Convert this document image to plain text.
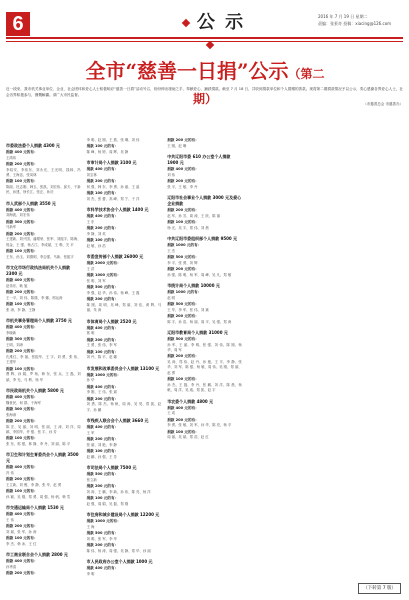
6	公 示	2016 年 7 月 19 日 星期二
责编：张景奇 投稿：xiacing@126.com
全市“慈善一日捐”公示（第二期）

近一段来，我市机关事业单位、企业、社会团体和爱心人士积极响应“慈善一日捐”活动号召，纷纷伸出援助之手，奉献爱心，踊跃捐款。截至 7 月 18 日，共收到捐款单位和个人捐赠的善款。现将第二期捐款情况予以公示，衷心感谢各界爱心人士，社会各界积极参与，慷慨解囊。请广大市民监督。

（市慈善总会 市慈善办）
市委政法委个人捐款 4300 元
捐款 400 元的有：

王鸿玮

捐款 200 元的有：

李绍安、李伟东、刘永光、王光明、钱林、冯 勇、王海忠、张凤林

捐款 100 元的有：

陈丽、杜志刚、韩玉、张凯、刘宏伟、邱天、于新民、孙建、徐长江、张正、孙庆

市人武部个人捐款 3550 元
捐款 400 元的有：

刘海波、刘宏伟

捐款 300 元的有：

马新军

捐款 200 元的有：

王建新、刘兴国、潘增荣、张军、刘振宇、陈海、郭金、王 强、杨占江、李成斌、王 利、关 平

捐款 100 元的有：

王东、孙玉、刘德明、李志强、马新、张振宇

市文化市场行政执法局机关个人捐款 2300 元
捐款 400 元的有：

赵伟东、耿 旭

捐款 200 元的有：

王一平、刘 伟、陈继、李 娜、邢运涛

捐款 100 元的有：

张 涛、李 静、王静

市机关事务管理局个人捐款 3750 元
捐款 400 元的有：

李晓新

捐款 300 元的有：

王明、刘涛

捐款 200 元的有：

孔维红、李 丽、张振华、王 宇、刘 勇、张 伟、王建华

捐款 100 元的有：

曹 辉、孙 娟、罗 杨、韩 东、张 兵、王 磊、刘 斌、李 光、马 利、杨 华

市民政局机关个人捐款 5800 元
捐款 400 元的有：

魏世民、何 群、于海军

捐款 300 元的有：

张海涛

捐款 200 元的有：

陈 宏、吴 丽、刘 明、张 丽、王 涛、刘 洋、周 颖、李国华、许 强、张 宇、孙 芳

捐款 100 元的有：

张 东、郭 强、林 静、李 丹、刘 丽、陈 平

市卫生和计划生育委员会个人捐款 3500 元
捐款 400 元的有：

冯 伟

捐款 200 元的有：

王立新、刘 俊、李 静、张 华、赵 勇

捐款 100 元的有：

孙 颖、吴 刚、郑 勇、周 强、杨 帆、韩 雪

市交通运输局个人捐款 1530 元
捐款 400 元的有：

王 伟

捐款 200 元的有：

刘 斌、张 军、孙 涛

捐款 100 元的有：

李 杰、韩 冰、王 红

市工商业联合会个人捐款 2800 元
捐款 400 元的有：

孙秀清

捐款 200 元的有：

李 明、赵 刚、王 燕、张 琳、刘 伟

捐款 100 元的有：

陈 峰、杨 婷、周 辉、吴 静

市审计局个人捐款 3100 元
捐款 400 元的有：

刘宝林

捐款 200 元的有：

何 强、韩 东、李 勇、孙 丽、王 晶

捐款 100 元的有：

刘 杰、张 蕾、高 峰、郑 宁、于 洋

市科学技术协会个人捐款 1400 元
捐款 400 元的有：

王 东

捐款 200 元的有：

李 静、刘 英

捐款 100 元的有：

赵 敏、孙 浩

市委宣传部个人捐款 26000 元
捐款 2000 元的有：

王 洪

捐款 1000 元的有：

张 明、刘 军

捐款 500 元的有：

李 强、赵 华、孙 伟、杨 峰、王 磊

捐款 200 元的有：

陈 刚、周 明、吴 峰、郑 丽、刘 佳、黄 辉、马 丽、朱 涛

市体育局个人捐款 2520 元
捐款 400 元的有：

郭 明

捐款 200 元的有：

王 勇、张 伟、李 军

捐款 100 元的有：

刘 丹、陈 平、赵 娜

市发展和改革委员会个人捐款 13100 元
捐款 1000 元的有：

孙 华

捐款 400 元的有：

李 刚、王 伟、张 斌

捐款 200 元的有：

刘 勇、陈 杰、杨 帆、周 涛、吴 昊、郑 凯、赵 宇、孙 鹏

市残疾人联合会个人捐款 3660 元
捐款 400 元的有：

王 军

捐款 200 元的有：

张 丽、刘 艳、李 静

捐款 100 元的有：

赵 鹏、孙 强、王 芳

市司法局个人捐款 7500 元
捐款 500 元的有：

张立新

捐款 200 元的有：

刘 涛、王 鹏、李 新、孙 伟、陈 亮、杨 洋

捐款 100 元的有：

赵 强、周 娟、吴 磊、郑 刚

市住房和城乡建设局个人捐款 12200 元
捐款 1000 元的有：

王 海

捐款 500 元的有：

刘 明、张 军、李 华

捐款 200 元的有：

陈 伟、杨 涛、周 强、吴 静、郑 华、孙 丽

市人民政府办公室个人捐款 1000 元
捐款 400 元的有：

李 明

捐款 200 元的有：

王 刚、赵 琳

中共辽阳市委 610 办公室个人捐款 1900 元
捐款 400 元的有：

刘 伟

捐款 200 元的有：

张 平、王 敏、李 丹

辽阳市社会事业个人捐款 3000 元及爱心企业捐款
捐款 200 元的有：

赵 军、孙 芳、周 涛、王 欣、陈 丽

捐款 100 元的有：

杨 光、吴 宇、郑 伟、刘 晨

中共辽阳市委组织部个人捐款 9500 元
捐款 1000 元的有：

王 杰

捐款 500 元的有：

李 平、张 勇、刘 辉

捐款 200 元的有：

孙 强、陈 明、杨 军、周 峰、吴 凡、郑 敏

市统计局个人捐款 10000 元
捐款 1000 元的有：

赵 明

捐款 500 元的有：

王 华、李 军、张 伟、刘 斌

捐款 200 元的有：

陈 宇、孙 浩、杨 丽、周 平、吴 强、郑 涛

辽阳市教育局个人捐款 31000 元
捐款 500 元的有：

孙 军、王 丽、李 明、张 强、刘 伟、陈 刚、杨 华、周 军

捐款 200 元的有：

吴 涛、郑 伟、赵 丹、孙 艳、王 平、李 静、张 华、刘 军、陈 强、杨 敏、周 伟、吴 刚、郑 丽、赵 勇

捐款 100 元的有：

孙 杰、王 磊、李 丹、张 鹏、刘 洋、陈 晨、杨 帆、周 洋、吴 迪、郑 凯、赵 宇

市农委个人捐款 4800 元
捐款 400 元的有：

王 成

捐款 200 元的有：

李 勇、张 敏、刘 军、孙 华、陈 亮、杨 平

捐款 100 元的有：

周 丽、吴 斌、郑 浩、赵 红

（下转第 7 版）
